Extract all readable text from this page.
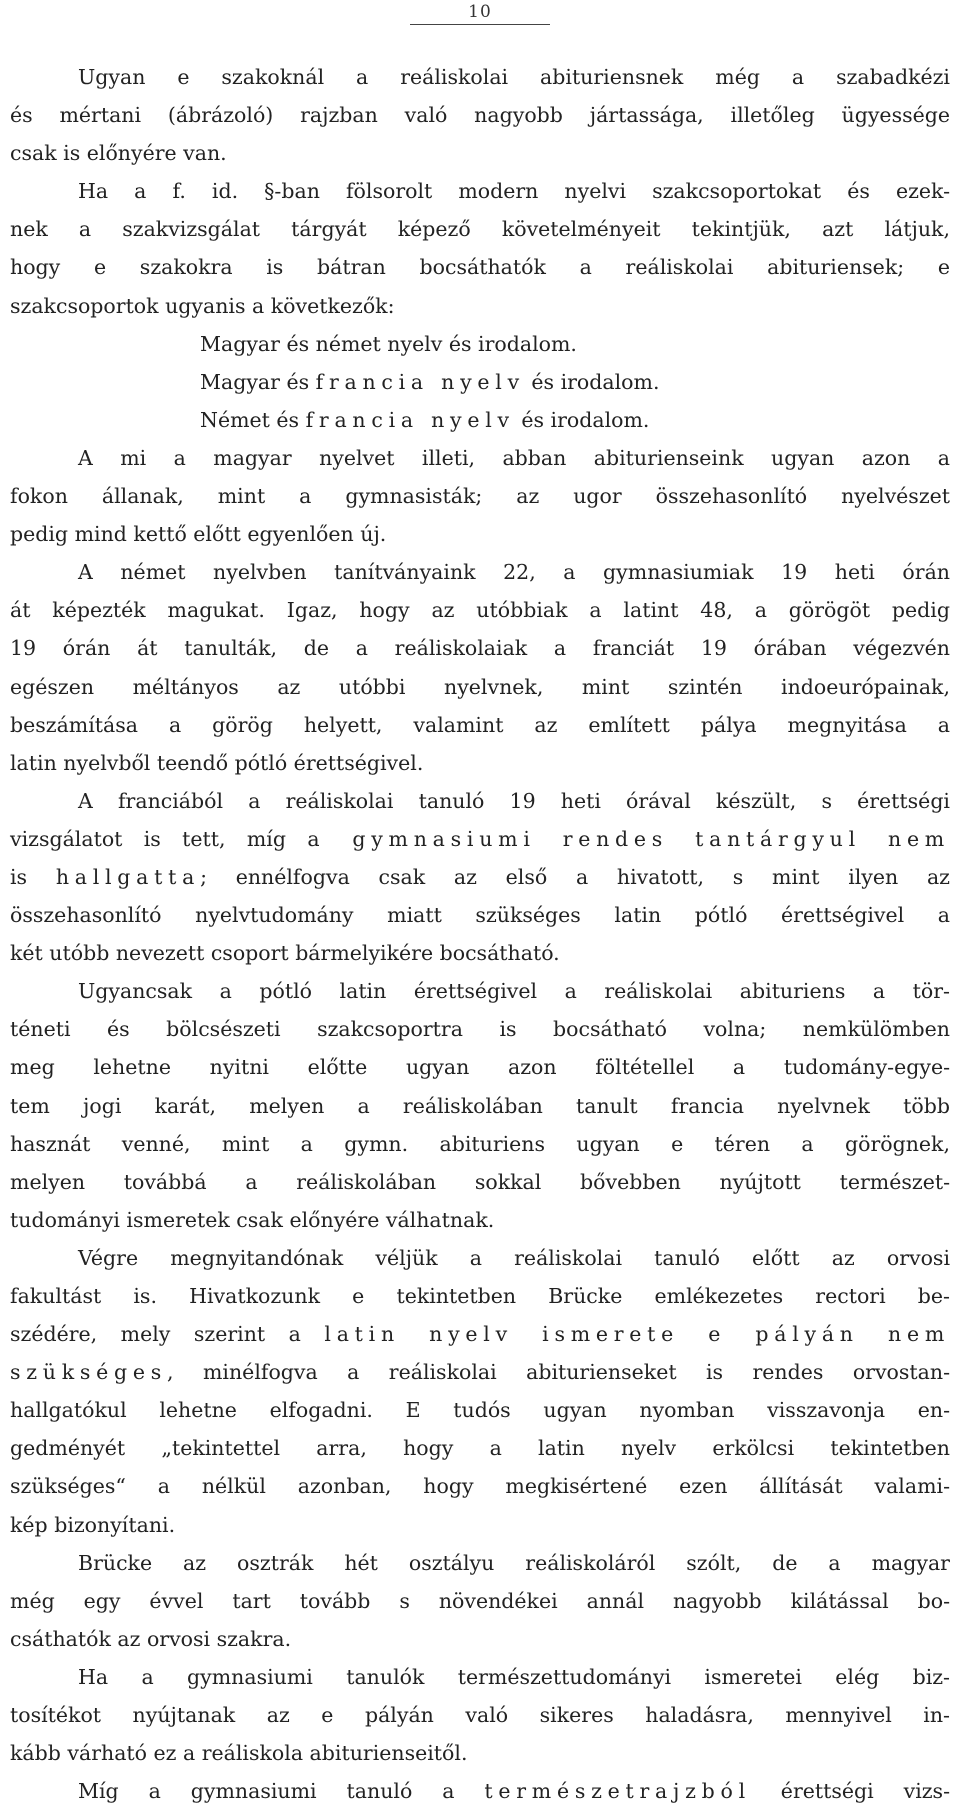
10
Ugyan e szakoknál a reáliskolai abituriensnek még a szabadkézi
és mértani (ábrázoló) rajzban való nagyobb jártassága, illetőleg ügyessége
csak is előnyére van.
Ha a f. id. §-ban fölsorolt modern nyelvi szakcsoportokat és ezek-
nek a szakvizsgálat tárgyát képező követelményeit tekintjük, azt látjuk,
hogy e szakokra is bátran bocsáthatók a reáliskolai abituriensek; e
szakcsoportok ugyanis a következők:
Magyar és német nyelv és irodalom.
Magyar és francia nyelv és irodalom.
Német és francia nyelv és irodalom.
A mi a magyar nyelvet illeti, abban abiturienseink ugyan azon a
fokon állanak, mint a gymnasisták; az ugor összehasonlító nyelvészet
pedig mind kettő előtt egyenlően új.
A német nyelvben tanítványaink 22, a gymnasiumiak 19 heti órán
át képezték magukat. Igaz, hogy az utóbbiak a latint 48, a görögöt pedig
19 órán át tanulták, de a reáliskolaiak a franciát 19 órában végezvén
egészen méltányos az utóbbi nyelvnek, mint szintén indoeurópainak,
beszámítása a görög helyett, valamint az említett pálya megnyitása a
latin nyelvből teendő pótló érettségivel.
A franciából a reáliskolai tanuló 19 heti órával készült, s érettségi
vizsgálatot is tett, míg a gymnasiumi rendes tantárgyul nem
is hallgatta; ennélfogva csak az első a hivatott, s mint ilyen az
összehasonlító nyelvtudomány miatt szükséges latin pótló érettségivel a
két utóbb nevezett csoport bármelyikére bocsátható.
Ugyancsak a pótló latin érettségivel a reáliskolai abituriens a tör-
téneti és bölcsészeti szakcsoportra is bocsátható volna; nemkülömben
meg lehetne nyitni előtte ugyan azon föltétellel a tudomány-egye-
tem jogi karát, melyen a reáliskolában tanult francia nyelvnek több
hasznát venné, mint a gymn. abituriens ugyan e téren a görögnek,
melyen továbbá a reáliskolában sokkal bővebben nyújtott természet-
tudományi ismeretek csak előnyére válhatnak.
Végre megnyitandónak véljük a reáliskolai tanuló előtt az orvosi
fakultást is. Hivatkozunk e tekintetben Brücke emlékezetes rectori be-
szédére, mely szerint a latin nyelv ismerete e pályán nem
szükséges, minélfogva a reáliskolai abiturienseket is rendes orvostan-
hallgatókul lehetne elfogadni. E tudós ugyan nyomban visszavonja en-
gedményét „tekintettel arra, hogy a latin nyelv erkölcsi tekintetben
szükséges“ a nélkül azonban, hogy megkisértené ezen állítását valami-
kép bizonyítani.
Brücke az osztrák hét osztályu reáliskoláról szólt, de a magyar
még egy évvel tart tovább s növendékei annál nagyobb kilátással bo-
csáthatók az orvosi szakra.
Ha a gymnasiumi tanulók természettudományi ismeretei elég biz-
tosítékot nyújtanak az e pályán való sikeres haladásra, mennyivel in-
kább várható ez a reáliskola abiturienseitől.
Míg a gymnasiumi tanuló a természetrajzból érettségi vizs-
